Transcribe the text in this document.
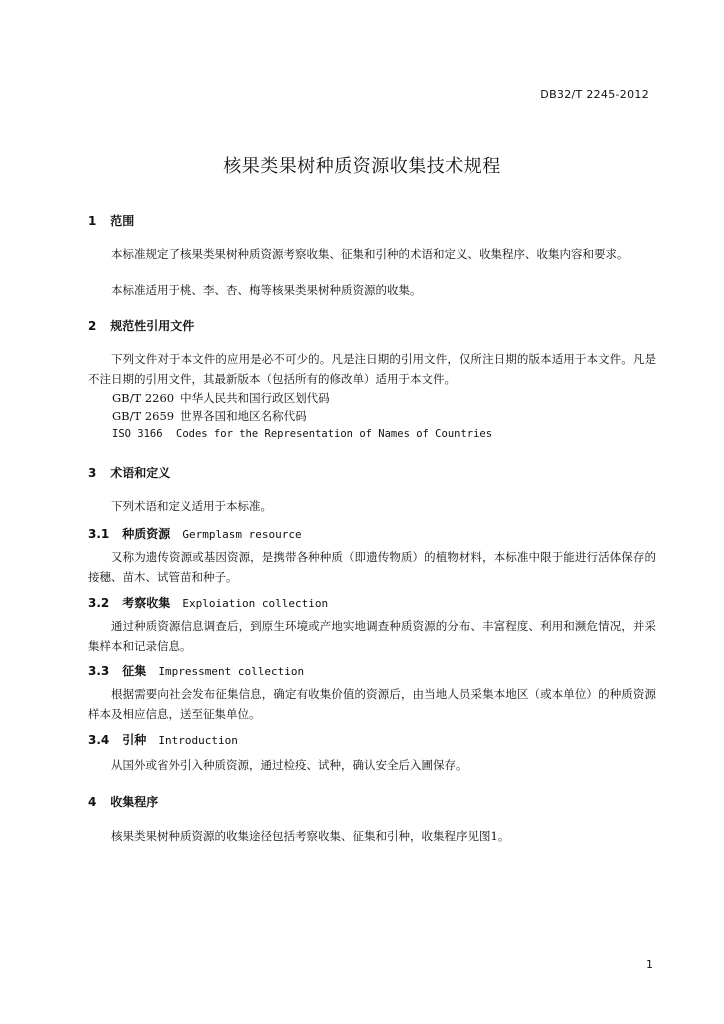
DB32/T 2245-2012
核果类果树种质资源收集技术规程
1 范围
本标准规定了核果类果树种质资源考察收集、征集和引种的术语和定义、收集程序、收集内容和要求。
本标准适用于桃、李、杏、梅等核果类果树种质资源的收集。
2 规范性引用文件
下列文件对于本文件的应用是必不可少的。凡是注日期的引用文件，仅所注日期的版本适用于本文件。凡是不注日期的引用文件，其最新版本（包括所有的修改单）适用于本文件。
GB/T 2260 中华人民共和国行政区划代码
GB/T 2659 世界各国和地区名称代码
ISO 3166 Codes for the Representation of Names of Countries
3 术语和定义
下列术语和定义适用于本标准。
3.1 种质资源 Germplasm resource
又称为遗传资源或基因资源，是携带各种种质（即遗传物质）的植物材料，本标准中限于能进行活体保存的接穗、苗木、试管苗和种子。
3.2 考察收集 Exploiation collection
通过种质资源信息调查后，到原生环境或产地实地调查种质资源的分布、丰富程度、利用和濒危情况，并采集样本和记录信息。
3.3 征集 Impressment collection
根据需要向社会发布征集信息，确定有收集价值的资源后，由当地人员采集本地区（或本单位）的种质资源样本及相应信息，送至征集单位。
3.4 引种 Introduction
从国外或省外引入种质资源，通过检疫、试种，确认安全后入圃保存。
4 收集程序
核果类果树种质资源的收集途径包括考察收集、征集和引种，收集程序见图1。
1
